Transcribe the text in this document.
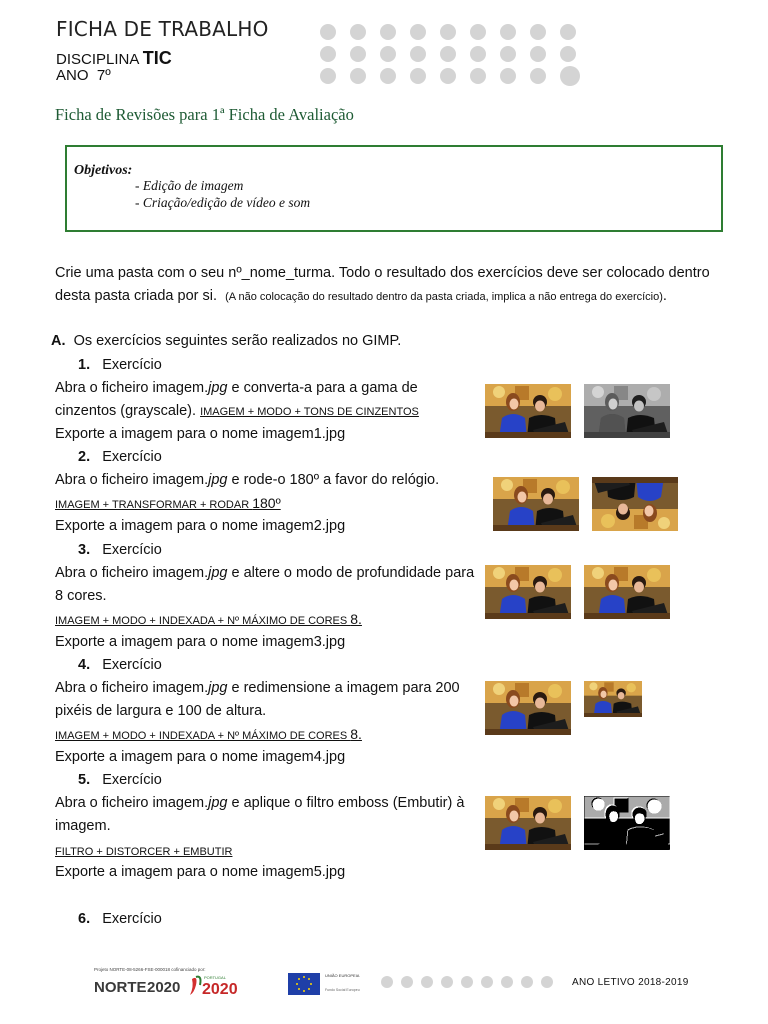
FICHA DE TRABALHO
DISCIPLINA TIC
ANO 7º
Ficha de Revisões para 1ª Ficha de Avaliação
Objetivos:
- Edição de imagem
- Criação/edição de vídeo e som
Crie uma pasta com o seu nº_nome_turma. Todo o resultado dos exercícios deve ser colocado dentro
desta pasta criada por si. (A não colocação do resultado dentro da pasta criada, implica a não entrega do exercício).
A. Os exercícios seguintes serão realizados no GIMP.
1. Exercício
Abra o ficheiro imagem.jpg e converta-a para a gama de
cinzentos (grayscale). IMAGEM + MODO + TONS DE CINZENTOS
Exporte a imagem para o nome imagem1.jpg
2. Exercício
Abra o ficheiro imagem.jpg e rode-o 180º a favor do relógio.
IMAGEM + TRANSFORMAR + RODAR 180º
Exporte a imagem para o nome imagem2.jpg
3. Exercício
Abra o ficheiro imagem.jpg e altere o modo de profundidade para
8 cores.
IMAGEM + MODO + INDEXADA + Nº MÁXIMO DE CORES 8.
Exporte a imagem para o nome imagem3.jpg
4. Exercício
Abra o ficheiro imagem.jpg e redimensione a imagem para 200
pixéis de largura e 100 de altura.
IMAGEM + MODO + INDEXADA + Nº MÁXIMO DE CORES 8.
Exporte a imagem para o nome imagem4.jpg
5. Exercício
Abra o ficheiro imagem.jpg e aplique o filtro emboss (Embutir) à
imagem.
FILTRO + DISTORCER + EMBUTIR
Exporte a imagem para o nome imagem5.jpg
6. Exercício
Projeto NORTE-08-5266-FSE-000018 cofinanciado por:
NORTE 2020
PORTUGAL
2020
UNIÃO EUROPEIA
Fundo Social Europeu
ANO LETIVO 2018-2019
